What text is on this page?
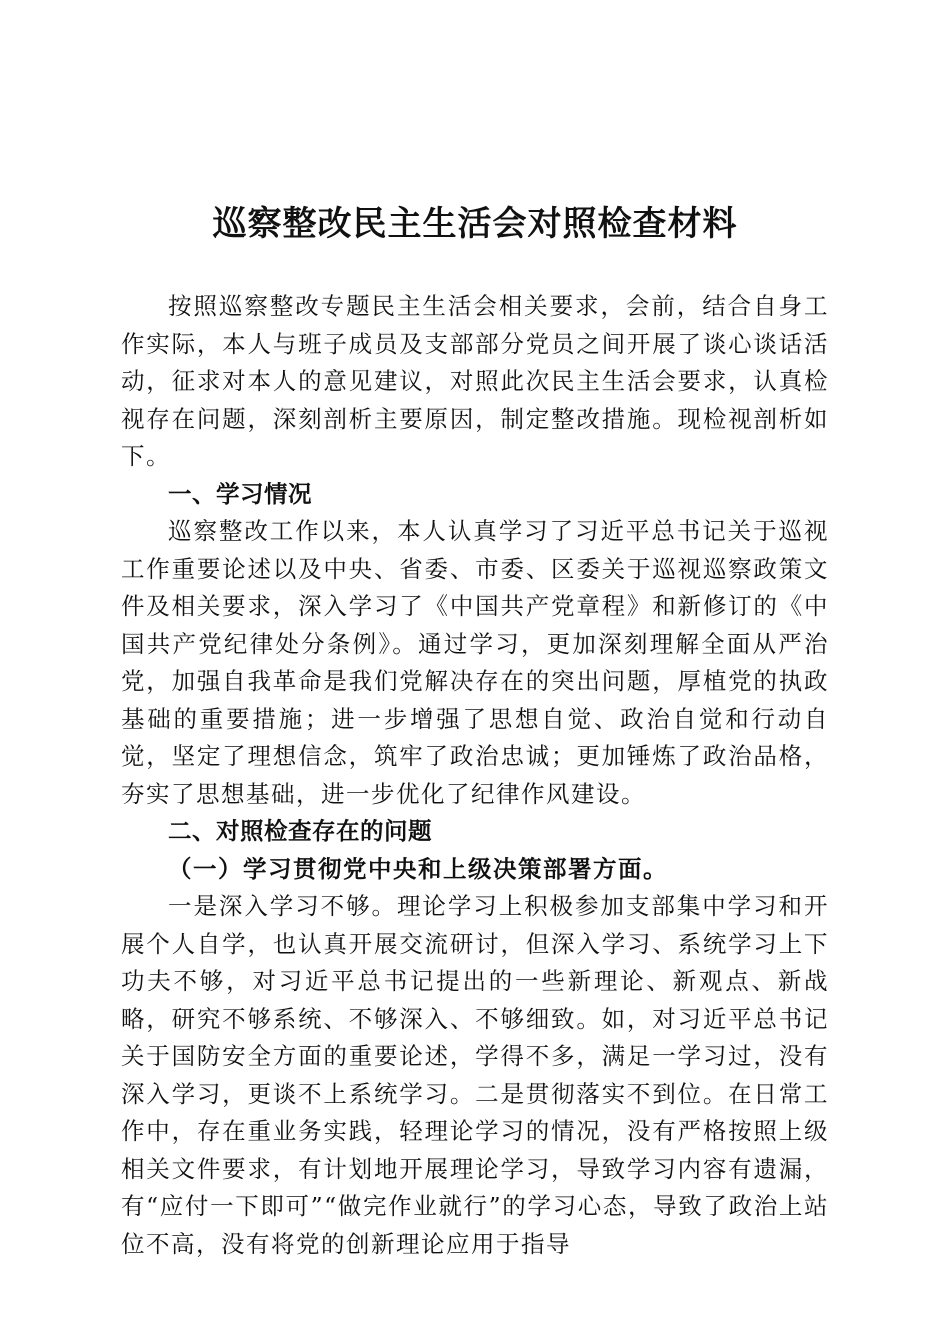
巡察整改民主生活会对照检查材料

按照巡察整改专题民主生活会相关要求，会前，结合自身工作实际，本人与班子成员及支部部分党员之间开展了谈心谈话活动，征求对本人的意见建议，对照此次民主生活会要求，认真检视存在问题，深刻剖析主要原因，制定整改措施。现检视剖析如下。

一、学习情况

巡察整改工作以来，本人认真学习了习近平总书记关于巡视工作重要论述以及中央、省委、市委、区委关于巡视巡察政策文件及相关要求，深入学习了《中国共产党章程》和新修订的《中国共产党纪律处分条例》。通过学习，更加深刻理解全面从严治党，加强自我革命是我们党解决存在的突出问题，厚植党的执政基础的重要措施；进一步增强了思想自觉、政治自觉和行动自觉，坚定了理想信念，筑牢了政治忠诚；更加锤炼了政治品格，夯实了思想基础，进一步优化了纪律作风建设。

二、对照检查存在的问题

（一）学习贯彻党中央和上级决策部署方面。

一是深入学习不够。理论学习上积极参加支部集中学习和开展个人自学，也认真开展交流研讨，但深入学习、系统学习上下功夫不够，对习近平总书记提出的一些新理论、新观点、新战略，研究不够系统、不够深入、不够细致。如，对习近平总书记关于国防安全方面的重要论述，学得不多，满足一学习过，没有深入学习，更谈不上系统学习。二是贯彻落实不到位。在日常工作中，存在重业务实践，轻理论学习的情况，没有严格按照上级相关文件要求，有计划地开展理论学习，导致学习内容有遗漏，有“应付一下即可”“做完作业就行”的学习心态，导致了政治上站位不高，没有将党的创新理论应用于指导
